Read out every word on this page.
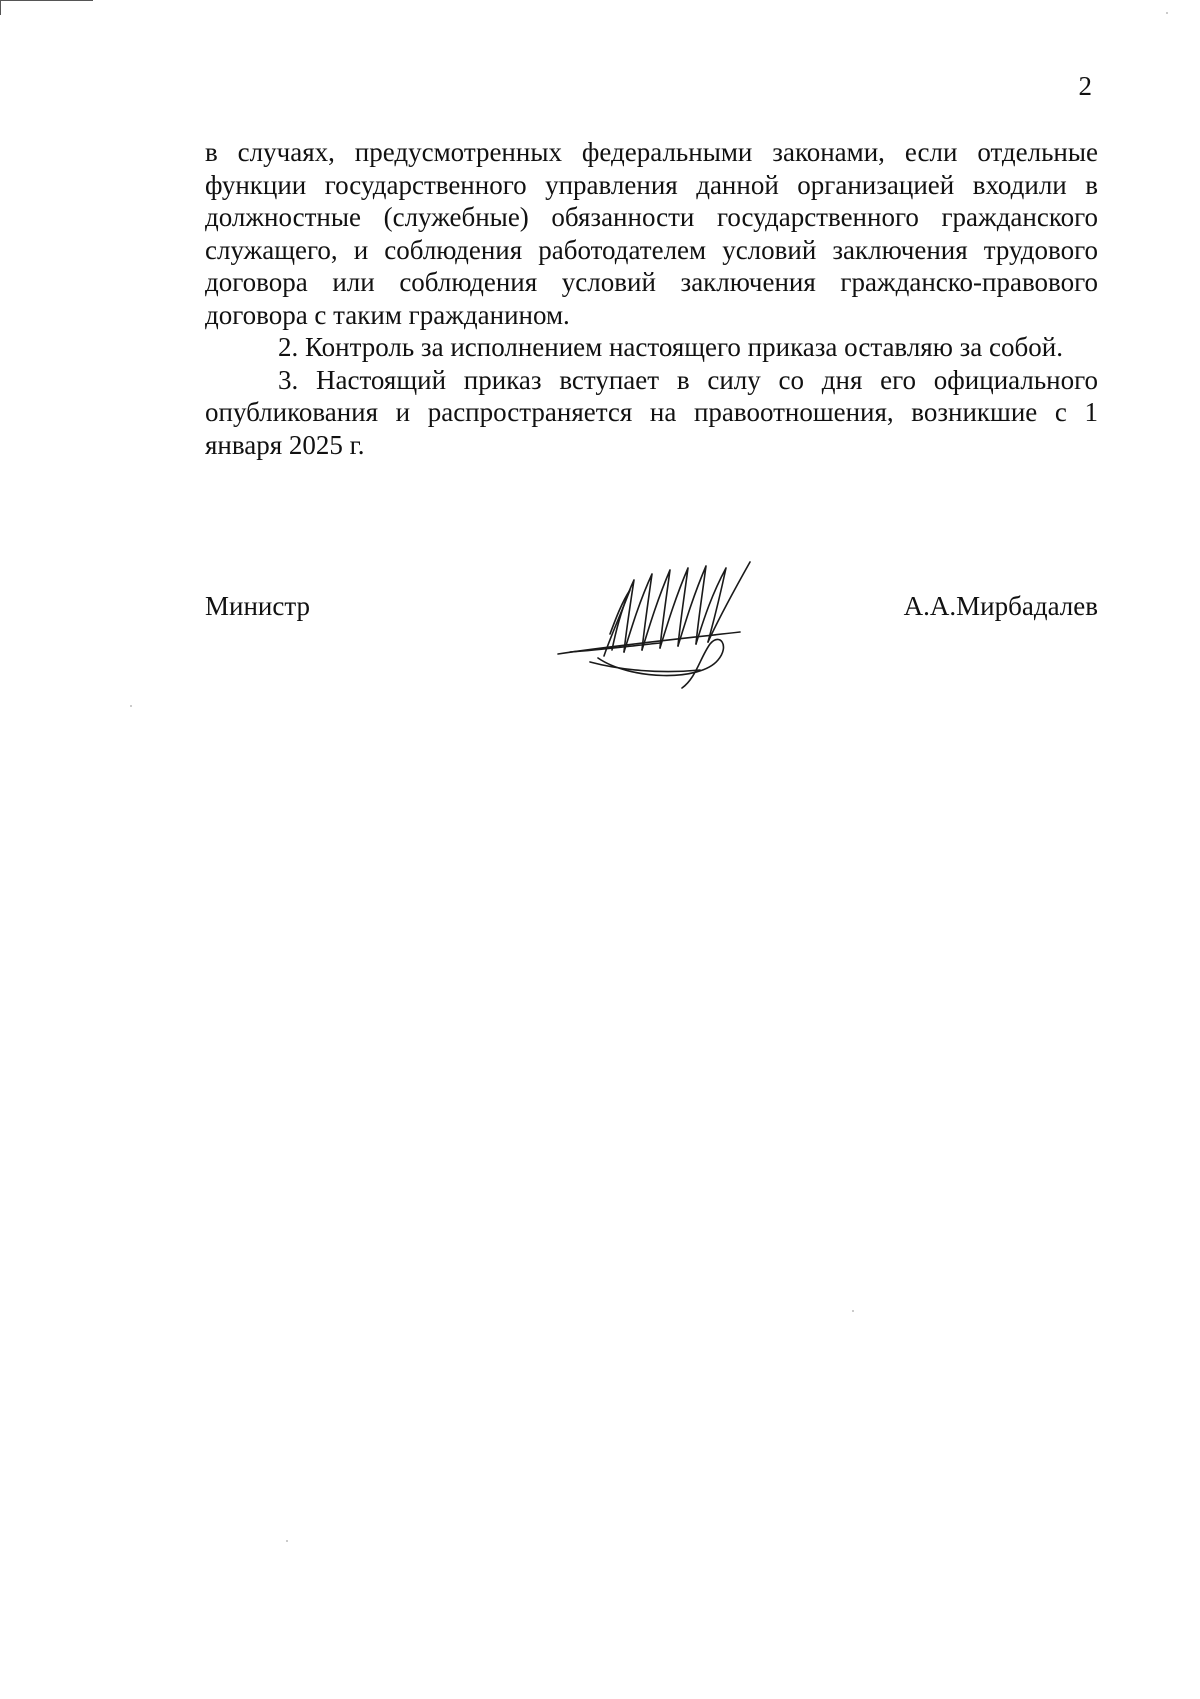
2

в случаях, предусмотренных федеральными законами, если отдельные функции государственного управления данной организацией входили в должностные (служебные) обязанности государственного гражданского служащего, и соблюдения работодателем условий заключения трудового договора или соблюдения условий заключения гражданско-правового договора с таким гражданином.

2. Контроль за исполнением настоящего приказа оставляю за собой.

3. Настоящий приказ вступает в силу со дня его официального опубликования и распространяется на правоотношения, возникшие с 1 января 2025 г.

Министр	А.А.Мирбадалев
